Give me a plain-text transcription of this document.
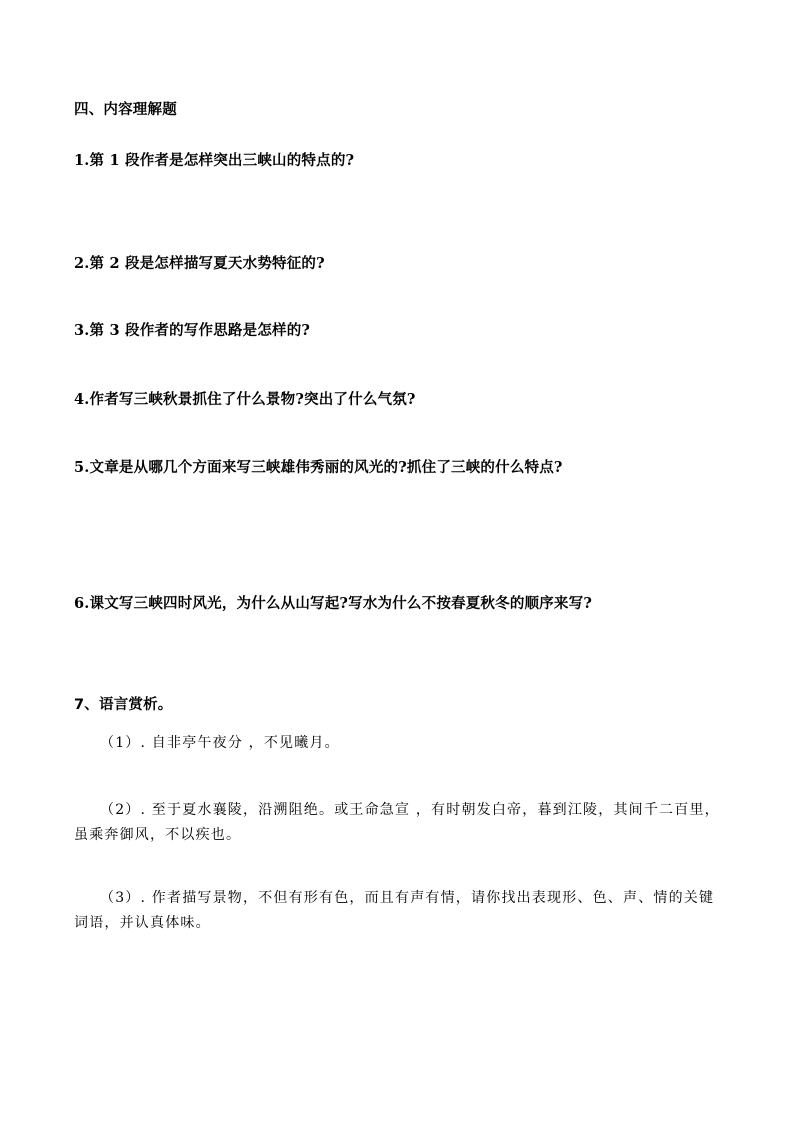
四、内容理解题
1.第 1 段作者是怎样突出三峡山的特点的?
2.第 2 段是怎样描写夏天水势特征的?
3.第 3 段作者的写作思路是怎样的?
4.作者写三峡秋景抓住了什么景物?突出了什么气氛?
5.文章是从哪几个方面来写三峡雄伟秀丽的风光的?抓住了三峡的什么特点?
6.课文写三峡四时风光，为什么从山写起?写水为什么不按春夏秋冬的顺序来写?
7、语言赏析。
（1）. 自非亭午夜分 ，不见曦月。
（2）. 至于夏水襄陵，沿溯阻绝。或王命急宣 ，有时朝发白帝，暮到江陵，其间千二百里，虽乘奔御风，不以疾也。
（3）. 作者描写景物，不但有形有色，而且有声有情，请你找出表现形、色、声、情的关键词语，并认真体味。
